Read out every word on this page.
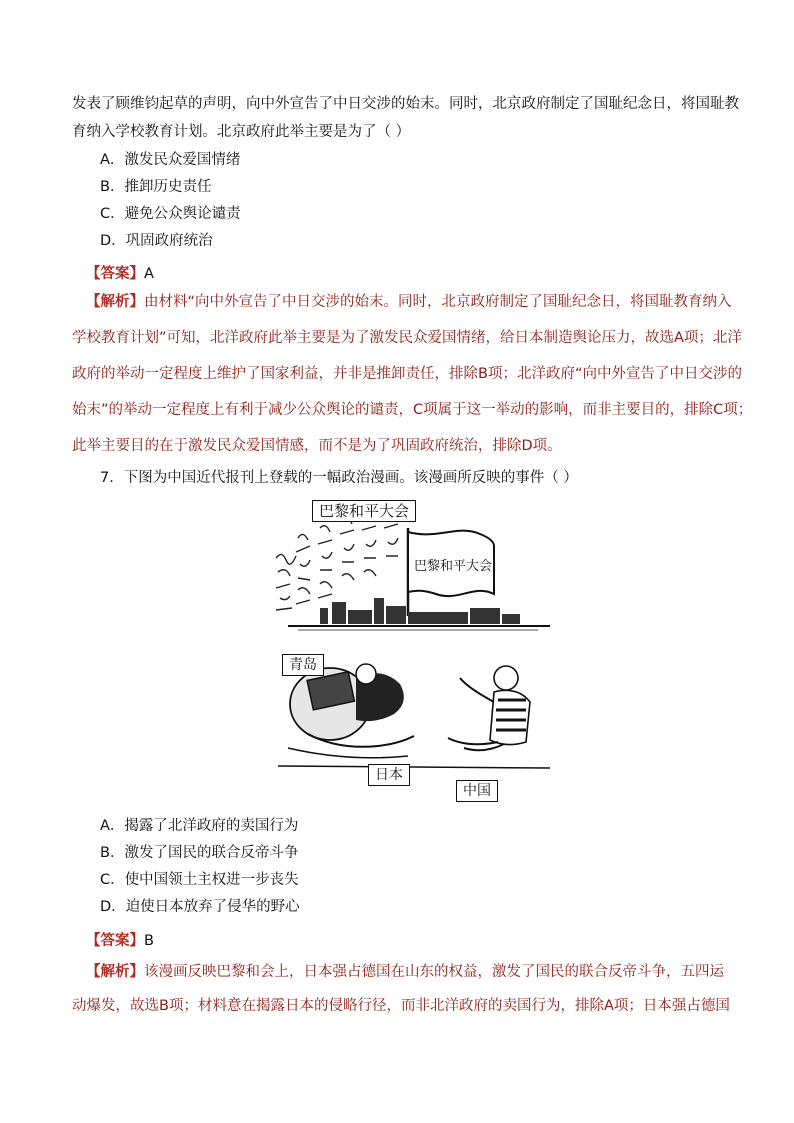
发表了顾维钧起草的声明，向中外宣告了中日交涉的始末。同时，北京政府制定了国耻纪念日，将国耻教
育纳入学校教育计划。北京政府此举主要是为了（ ）
A．激发民众爱国情绪
B．推卸历史责任
C．避免公众舆论谴责
D．巩固政府统治
【答案】A
【解析】由材料“向中外宣告了中日交涉的始末。同时，北京政府制定了国耻纪念日，将国耻教育纳入
学校教育计划”可知，北洋政府此举主要是为了激发民众爱国情绪，给日本制造舆论压力，故选A项；北洋
政府的举动一定程度上维护了国家利益，并非是推卸责任，排除B项；北洋政府“向中外宣告了中日交涉的
始末”的举动一定程度上有利于减少公众舆论的谴责，C项属于这一举动的影响，而非主要目的，排除C项；
此举主要目的在于激发民众爱国情感，而不是为了巩固政府统治，排除D项。
7．下图为中国近代报刊上登载的一幅政治漫画。该漫画所反映的事件（ ）
巴黎和平大会
巴黎和平大会
青岛
日本
中国
A．揭露了北洋政府的卖国行为
B．激发了国民的联合反帝斗争
C．使中国领土主权进一步丧失
D．迫使日本放弃了侵华的野心
【答案】B
【解析】该漫画反映巴黎和会上，日本强占德国在山东的权益，激发了国民的联合反帝斗争，五四运
动爆发，故选B项；材料意在揭露日本的侵略行径，而非北洋政府的卖国行为，排除A项；日本强占德国
